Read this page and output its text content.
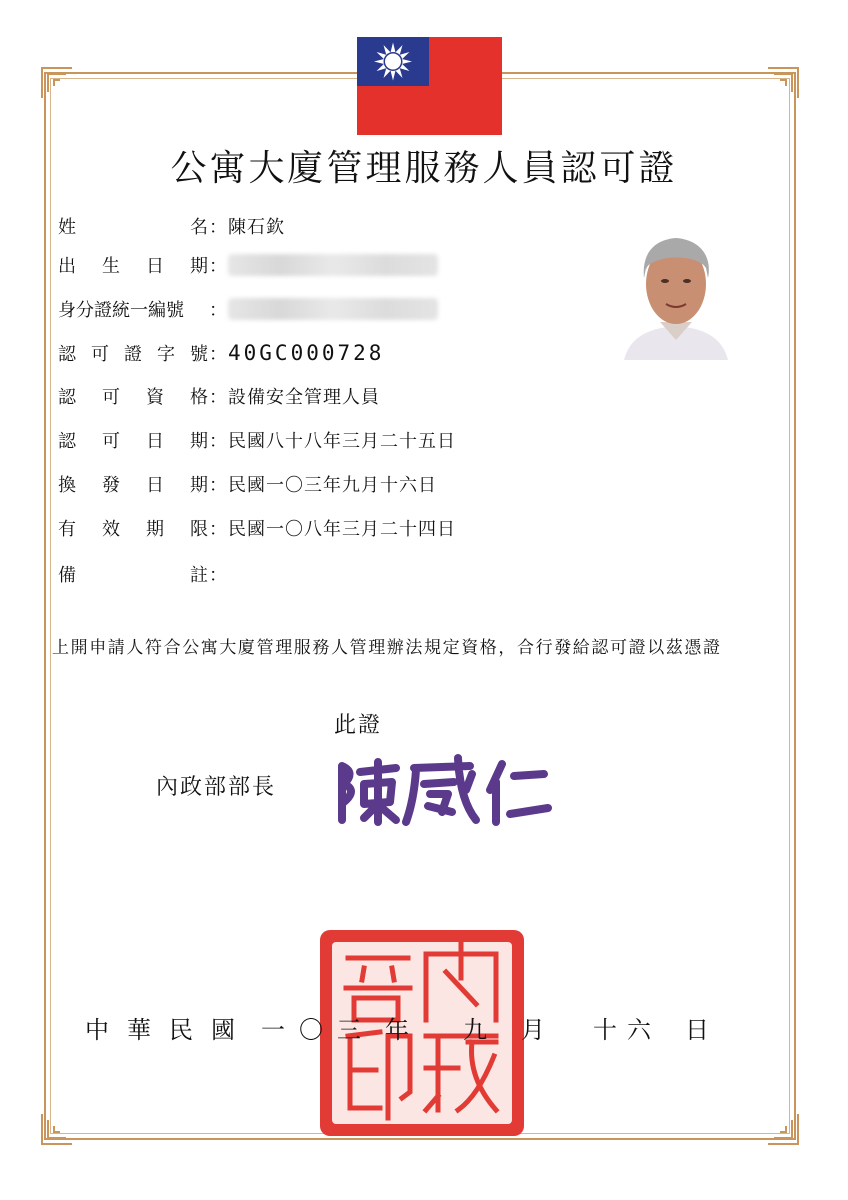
公寓大廈管理服務人員認可證
姓	名 ： 陳石欽
出 生 日 期 ：
身分證統一編號	：
認 可 證 字 號 ： 40GC000728
認 可 資 格 ： 設備安全管理人員
認 可 日 期 ： 民國八十八年三月二十五日
換 發 日 期 ： 民國一〇三年九月十六日
有 效 期 限 ： 民國一〇八年三月二十四日
備	註 ：
上開申請人符合公寓大廈管理服務人管理辦法規定資格，合行發給認可證以茲憑證
此證
內政部部長
中華民國 一〇三 年 九 月 十六 日
